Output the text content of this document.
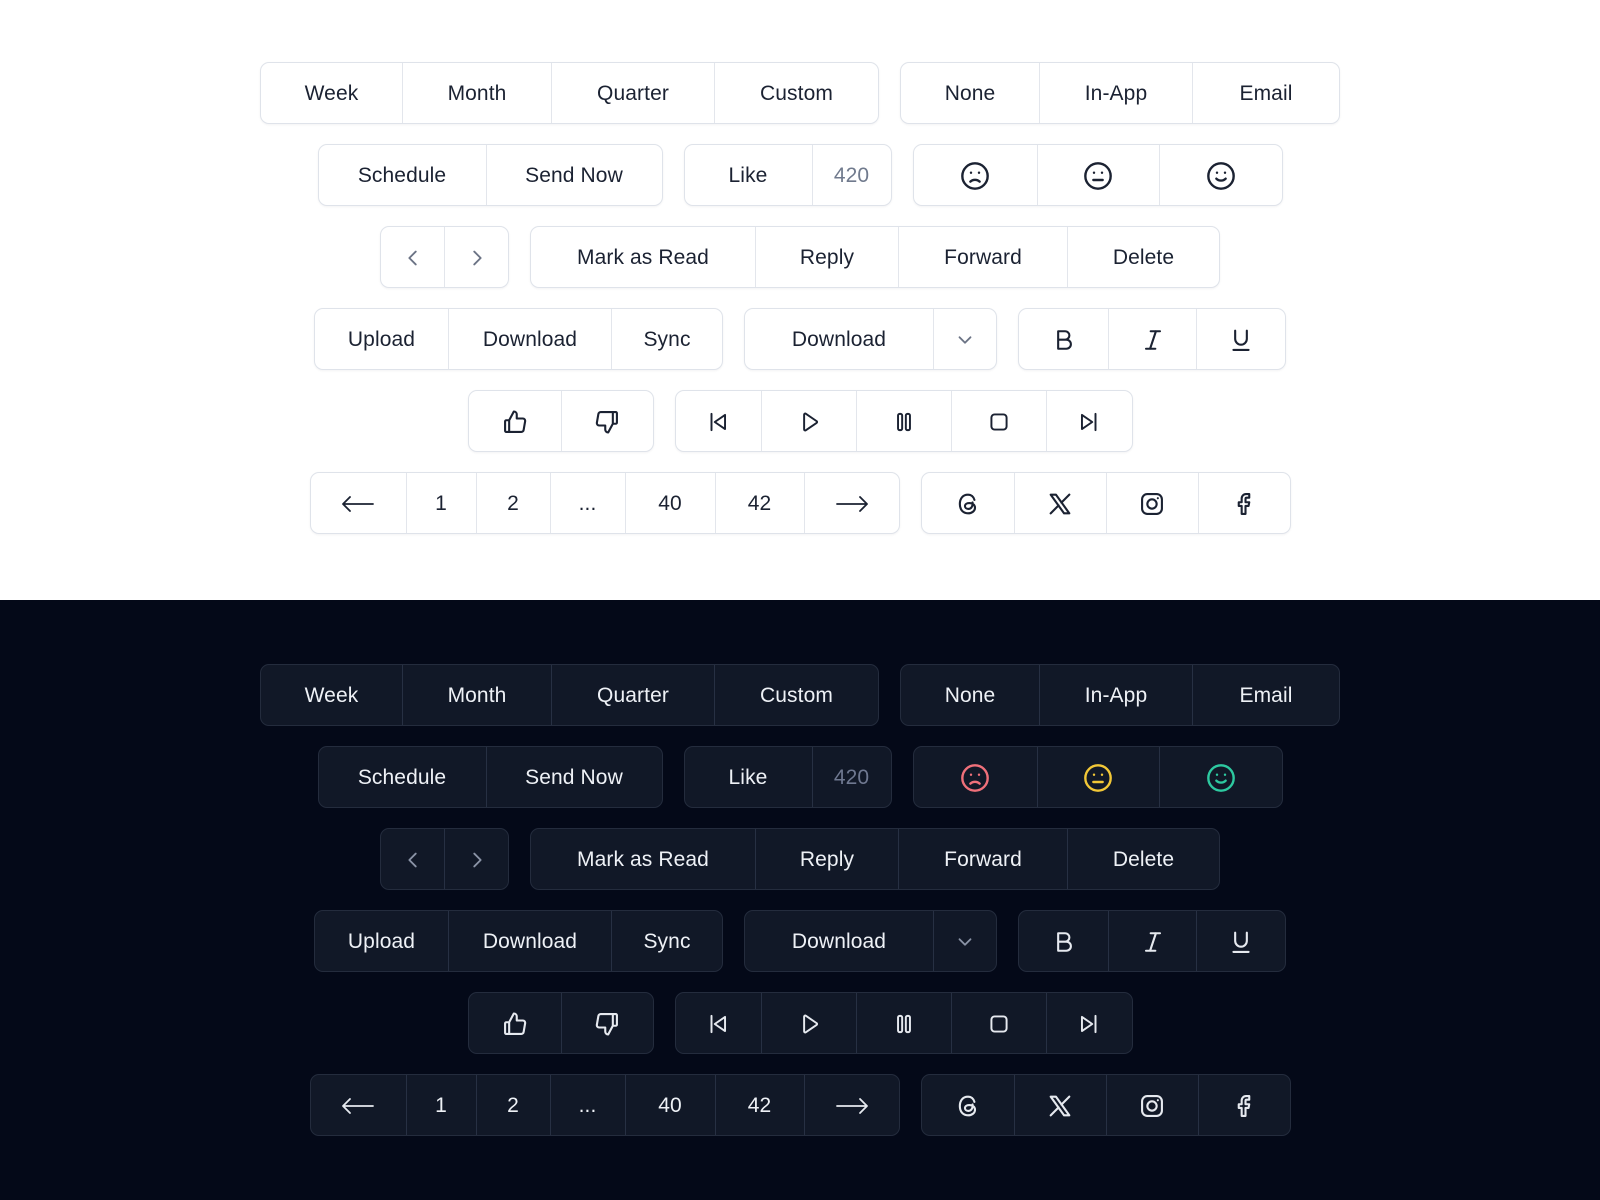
Week	Month	Quarter	Custom	None	In-App	Email
Schedule	Send Now	Like	420
Mark as Read	Reply	Forward	Delete
Upload	Download	Sync	Download
1	2	...	40	42
Week	Month	Quarter	Custom	None	In-App	Email
Schedule	Send Now	Like	420
Mark as Read	Reply	Forward	Delete
Upload	Download	Sync	Download
1	2	...	40	42
